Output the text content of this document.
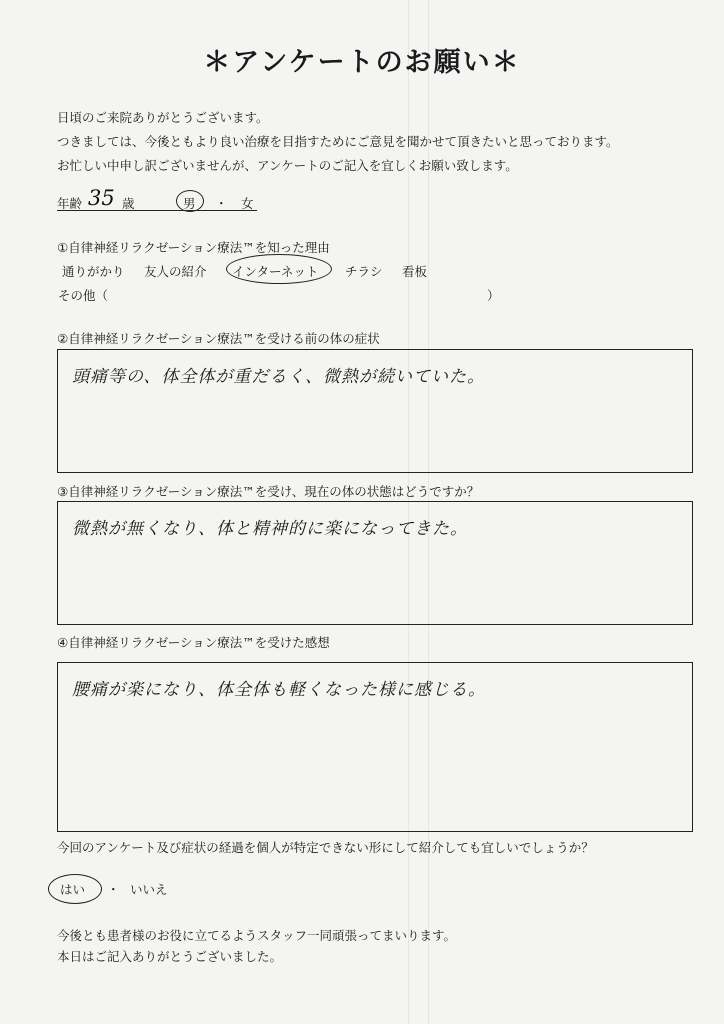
＊アンケートのお願い＊
日頃のご来院ありがとうございます。
つきましては、今後ともより良い治療を目指すためにご意見を聞かせて頂きたいと思っております。
お忙しい中申し訳ございませんが、アンケートのご記入を宜しくお願い致します。
年齢 35 歳	男 ・ 女
①自律神経リラクゼーション療法™を知った理由
通りがかり 友人の紹介 インターネット チラシ 看板
その他（	）
②自律神経リラクゼーション療法™を受ける前の体の症状
頭痛等の、体全体が重だるく、微熱が続いていた。
③自律神経リラクゼーション療法™を受け、現在の体の状態はどうですか？
微熱が無くなり、体と精神的に楽になってきた。
④自律神経リラクゼーション療法™を受けた感想
腰痛が楽になり、体全体も軽くなった様に感じる。
今回のアンケート及び症状の経過を個人が特定できない形にして紹介しても宜しいでしょうか？
はい ・ いいえ
今後とも患者様のお役に立てるようスタッフ一同頑張ってまいります。
本日はご記入ありがとうございました。
